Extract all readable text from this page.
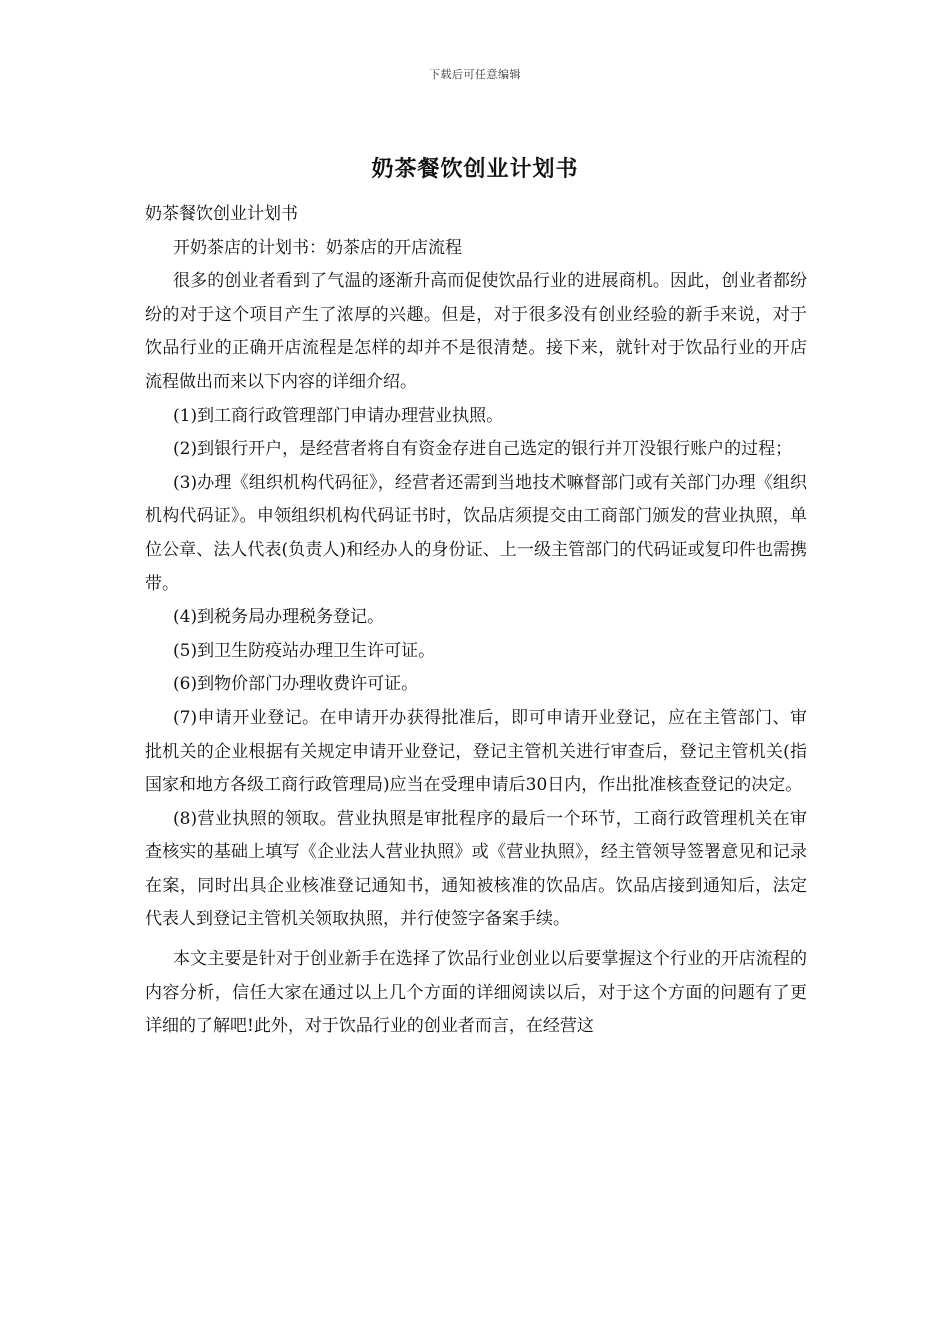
下载后可任意编辑
奶茶餐饮创业计划书

奶茶餐饮创业计划书

开奶茶店的计划书：奶茶店的开店流程

很多的创业者看到了气温的逐渐升高而促使饮品行业的进展商机。因此，创业者都纷纷的对于这个项目产生了浓厚的兴趣。但是，对于很多没有创业经验的新手来说，对于饮品行业的正确开店流程是怎样的却并不是很清楚。接下来，就针对于饮品行业的开店流程做出而来以下内容的详细介绍。

(1)到工商行政管理部门申请办理营业执照。

(2)到银行开户，是经营者将自有资金存进自己选定的银行并丌没银行账户的过程；

(3)办理《组织机构代码征》，经营者还需到当地技术嘛督部门或有关部门办理《组织机构代码证》。申领组织机构代码证书时，饮品店须提交由工商部门颁发的营业执照，单位公章、法人代表(负责人)和经办人的身份证、上一级主管部门的代码证或复印件也需携带。

(4)到税务局办理税务登记。

(5)到卫生防疫站办理卫生许可证。

(6)到物价部门办理收费许可证。

(7)申请开业登记。在申请开办获得批准后，即可申请开业登记，应在主管部门、审批机关的企业根据有关规定申请开业登记，登记主管机关进行审查后，登记主管机关(指国家和地方各级工商行政管理局)应当在受理申请后30日内，作出批准核查登记的决定。

(8)营业执照的领取。营业执照是审批程序的最后一个环节，工商行政管理机关在审查核实的基础上填写《企业法人营业执照》或《营业执照》，经主管领导签署意见和记录在案，同时出具企业核准登记通知书，通知被核准的饮品店。饮品店接到通知后，法定代表人到登记主管机关领取执照，并行使签字备案手续。

本文主要是针对于创业新手在选择了饮品行业创业以后要掌握这个行业的开店流程的内容分析，信任大家在通过以上几个方面的详细阅读以后，对于这个方面的问题有了更详细的了解吧!此外，对于饮品行业的创业者而言，在经营这
